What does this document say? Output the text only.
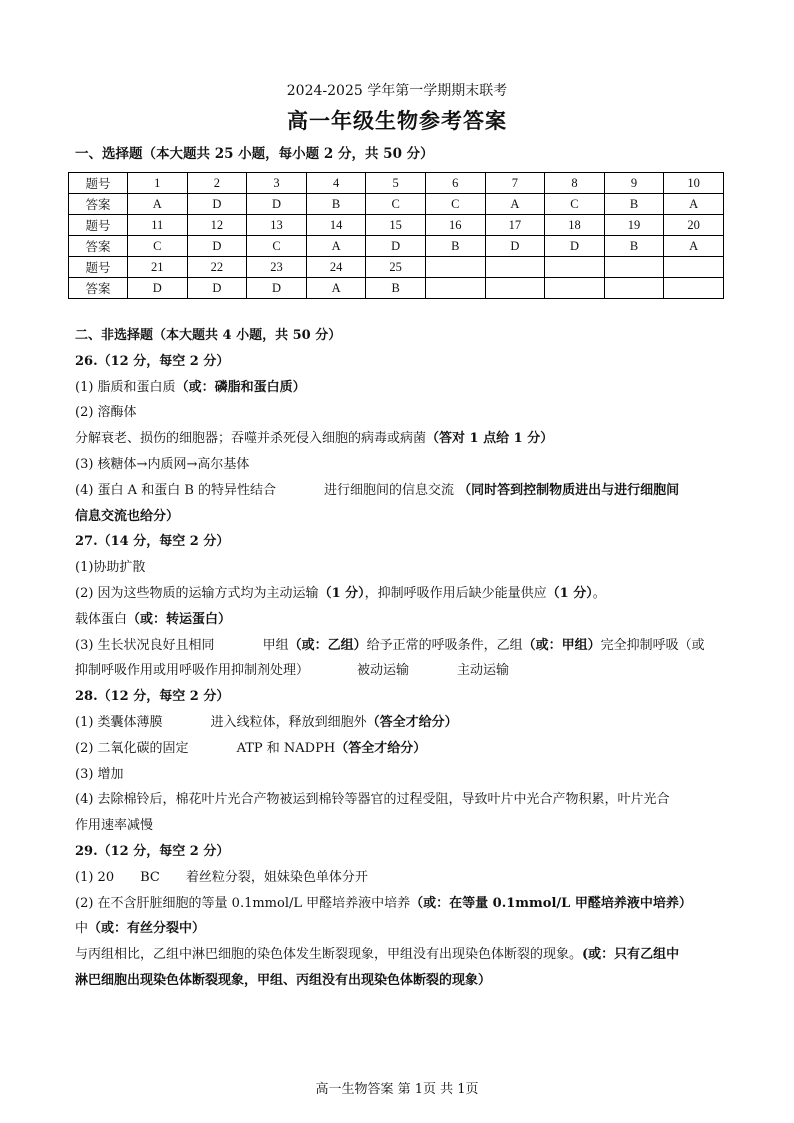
2024-2025 学年第一学期期末联考
高一年级生物参考答案
一、选择题（本大题共 25 小题，每小题 2 分，共 50 分）
题号	1	2	3	4	5	6	7	8	9	10
答案	A	D	D	B	C	C	A	C	B	A
题号	11	12	13	14	15	16	17	18	19	20
答案	C	D	C	A	D	B	D	D	B	A
题号	21	22	23	24	25					
答案	D	D	D	A	B					
二、非选择题（本大题共 4 小题，共 50 分）
26.（12 分，每空 2 分）
(1) 脂质和蛋白质（或：磷脂和蛋白质）
(2) 溶酶体
分解衰老、损伤的细胞器；吞噬并杀死侵入细胞的病毒或病菌（答对 1 点给 1 分）
(3) 核糖体→内质网→高尔基体
(4) 蛋白 A 和蛋白 B 的特异性结合	进行细胞间的信息交流 （同时答到控制物质进出与进行细胞间
信息交流也给分）
27.（14 分，每空 2 分）
(1)协助扩散
(2) 因为这些物质的运输方式均为主动运输（1 分），抑制呼吸作用后缺少能量供应（1 分）。
载体蛋白（或：转运蛋白）
(3) 生长状况良好且相同	甲组（或：乙组）给予正常的呼吸条件，乙组（或：甲组）完全抑制呼吸（或
抑制呼吸作用或用呼吸作用抑制剂处理）	被动运输	主动运输
28.（12 分，每空 2 分）
(1) 类囊体薄膜	进入线粒体，释放到细胞外（答全才给分）
(2) 二氧化碳的固定	ATP 和 NADPH（答全才给分）
(3) 增加
(4) 去除棉铃后，棉花叶片光合产物被运到棉铃等器官的过程受阻，导致叶片中光合产物积累，叶片光合
作用速率减慢
29.（12 分，每空 2 分）
(1) 20 BC 着丝粒分裂，姐妹染色单体分开
(2) 在不含肝脏细胞的等量 0.1mmol/L 甲醛培养液中培养（或：在等量 0.1mmol/L 甲醛培养液中培养）
中（或：有丝分裂中）
与丙组相比，乙组中淋巴细胞的染色体发生断裂现象，甲组没有出现染色体断裂的现象。(或：只有乙组中
淋巴细胞出现染色体断裂现象，甲组、丙组没有出现染色体断裂的现象）
高一生物答案 第 1页 共 1页
